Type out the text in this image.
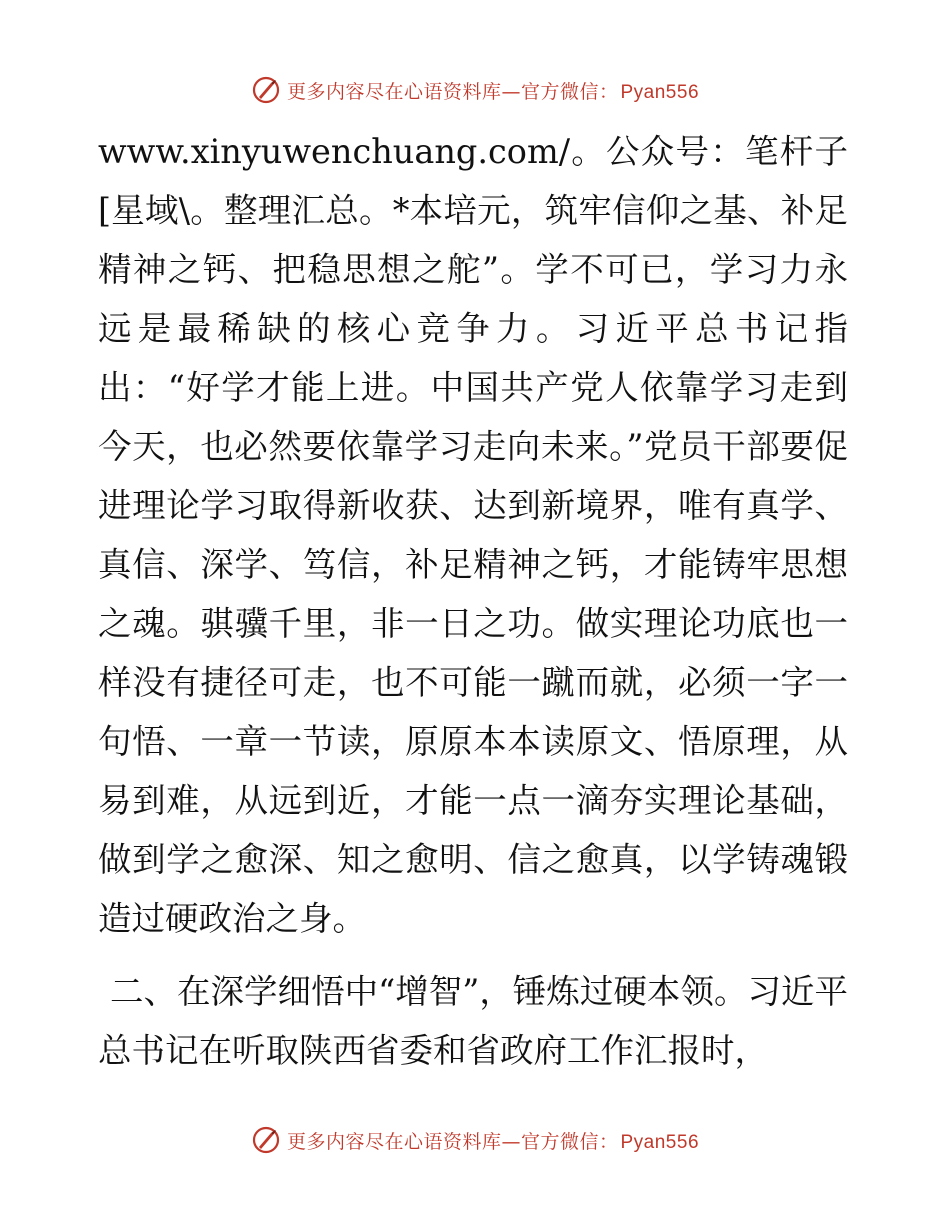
更多内容尽在心语资料库—官方微信： Pyan556

www.xinyuwenchuang.com/。公众号：笔杆子[星域\。整理汇总。*本培元，筑牢信仰之基、补足精神之钙、把稳思想之舵”。学不可已，学习力永远是最稀缺的核心竞争力。习近平总书记指出：“好学才能上进。中国共产党人依靠学习走到今天，也必然要依靠学习走向未来。”党员干部要促进理论学习取得新收获、达到新境界，唯有真学、真信、深学、笃信，补足精神之钙，才能铸牢思想之魂。骐骥千里，非一日之功。做实理论功底也一样没有捷径可走，也不可能一蹴而就，必须一字一句悟、一章一节读，原原本本读原文、悟原理，从易到难，从远到近，才能一点一滴夯实理论基础，做到学之愈深、知之愈明、信之愈真，以学铸魂锻造过硬政治之身。

二、在深学细悟中“增智”，锤炼过硬本领。习近平总书记在听取陕西省委和省政府工作汇报时，

更多内容尽在心语资料库—官方微信： Pyan556
